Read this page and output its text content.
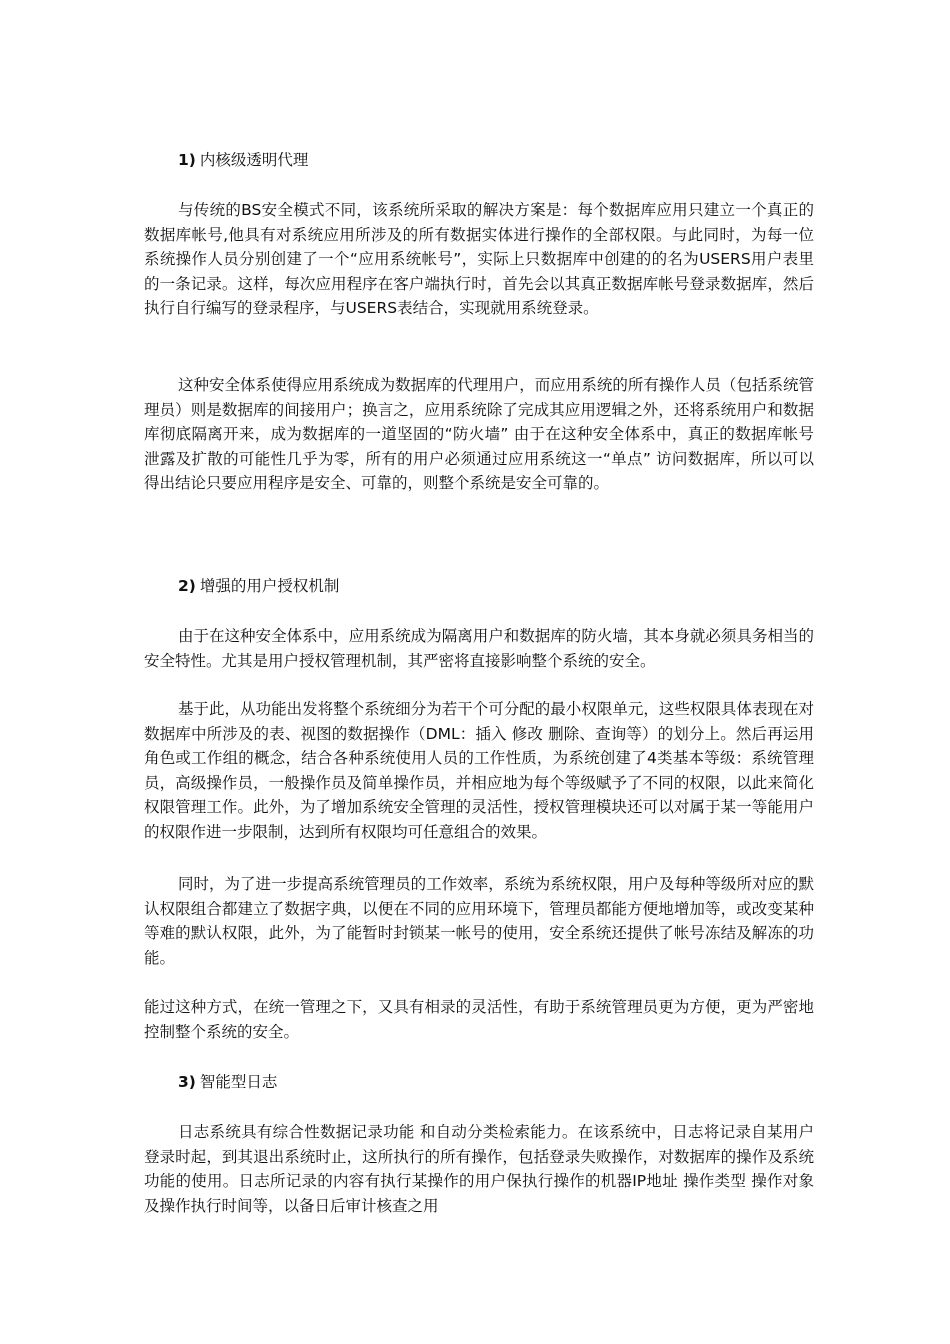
1) 内核级透明代理

与传统的BS安全模式不同，该系统所采取的解决方案是：每个数据库应用只建立一个真正的数据库帐号,他具有对系统应用所涉及的所有数据实体进行操作的全部权限。与此同时，为每一位系统操作人员分别创建了一个“应用系统帐号”，实际上只数据库中创建的的名为USERS用户表里的一条记录。这样，每次应用程序在客户端执行时，首先会以其真正数据库帐号登录数据库，然后执行自行编写的登录程序，与USERS表结合，实现就用系统登录。

这种安全体系使得应用系统成为数据库的代理用户，而应用系统的所有操作人员（包括系统管理员）则是数据库的间接用户；换言之，应用系统除了完成其应用逻辑之外，还将系统用户和数据库彻底隔离开来，成为数据库的一道坚固的“防火墙” 由于在这种安全体系中，真正的数据库帐号泄露及扩散的可能性几乎为零，所有的用户必须通过应用系统这一“单点” 访问数据库，所以可以得出结论只要应用程序是安全、可靠的，则整个系统是安全可靠的。

2) 增强的用户授权机制

由于在这种安全体系中，应用系统成为隔离用户和数据库的防火墙，其本身就必须具务相当的安全特性。尤其是用户授权管理机制，其严密将直接影响整个系统的安全。

基于此，从功能出发将整个系统细分为若干个可分配的最小权限单元，这些权限具体表现在对数据库中所涉及的表、视图的数据操作（DML：插入 修改 删除、查询等）的划分上。然后再运用角色或工作组的概念，结合各种系统使用人员的工作性质，为系统创建了4类基本等级：系统管理员，高级操作员，一般操作员及简单操作员，并相应地为每个等级赋予了不同的权限，以此来简化权限管理工作。此外，为了增加系统安全管理的灵活性，授权管理模块还可以对属于某一等能用户的权限作进一步限制，达到所有权限均可任意组合的效果。

同时，为了进一步提高系统管理员的工作效率，系统为系统权限，用户及每种等级所对应的默认权限组合都建立了数据字典，以便在不同的应用环境下，管理员都能方便地增加等，或改变某种等难的默认权限，此外，为了能暂时封锁某一帐号的使用，安全系统还提供了帐号冻结及解冻的功能。

能过这种方式，在统一管理之下，又具有相录的灵活性，有助于系统管理员更为方便，更为严密地控制整个系统的安全。

3) 智能型日志

日志系统具有综合性数据记录功能 和自动分类检索能力。在该系统中，日志将记录自某用户登录时起，到其退出系统时止，这所执行的所有操作，包括登录失败操作，对数据库的操作及系统功能的使用。日志所记录的内容有执行某操作的用户保执行操作的机器IP地址 操作类型 操作对象及操作执行时间等，以备日后审计核查之用
